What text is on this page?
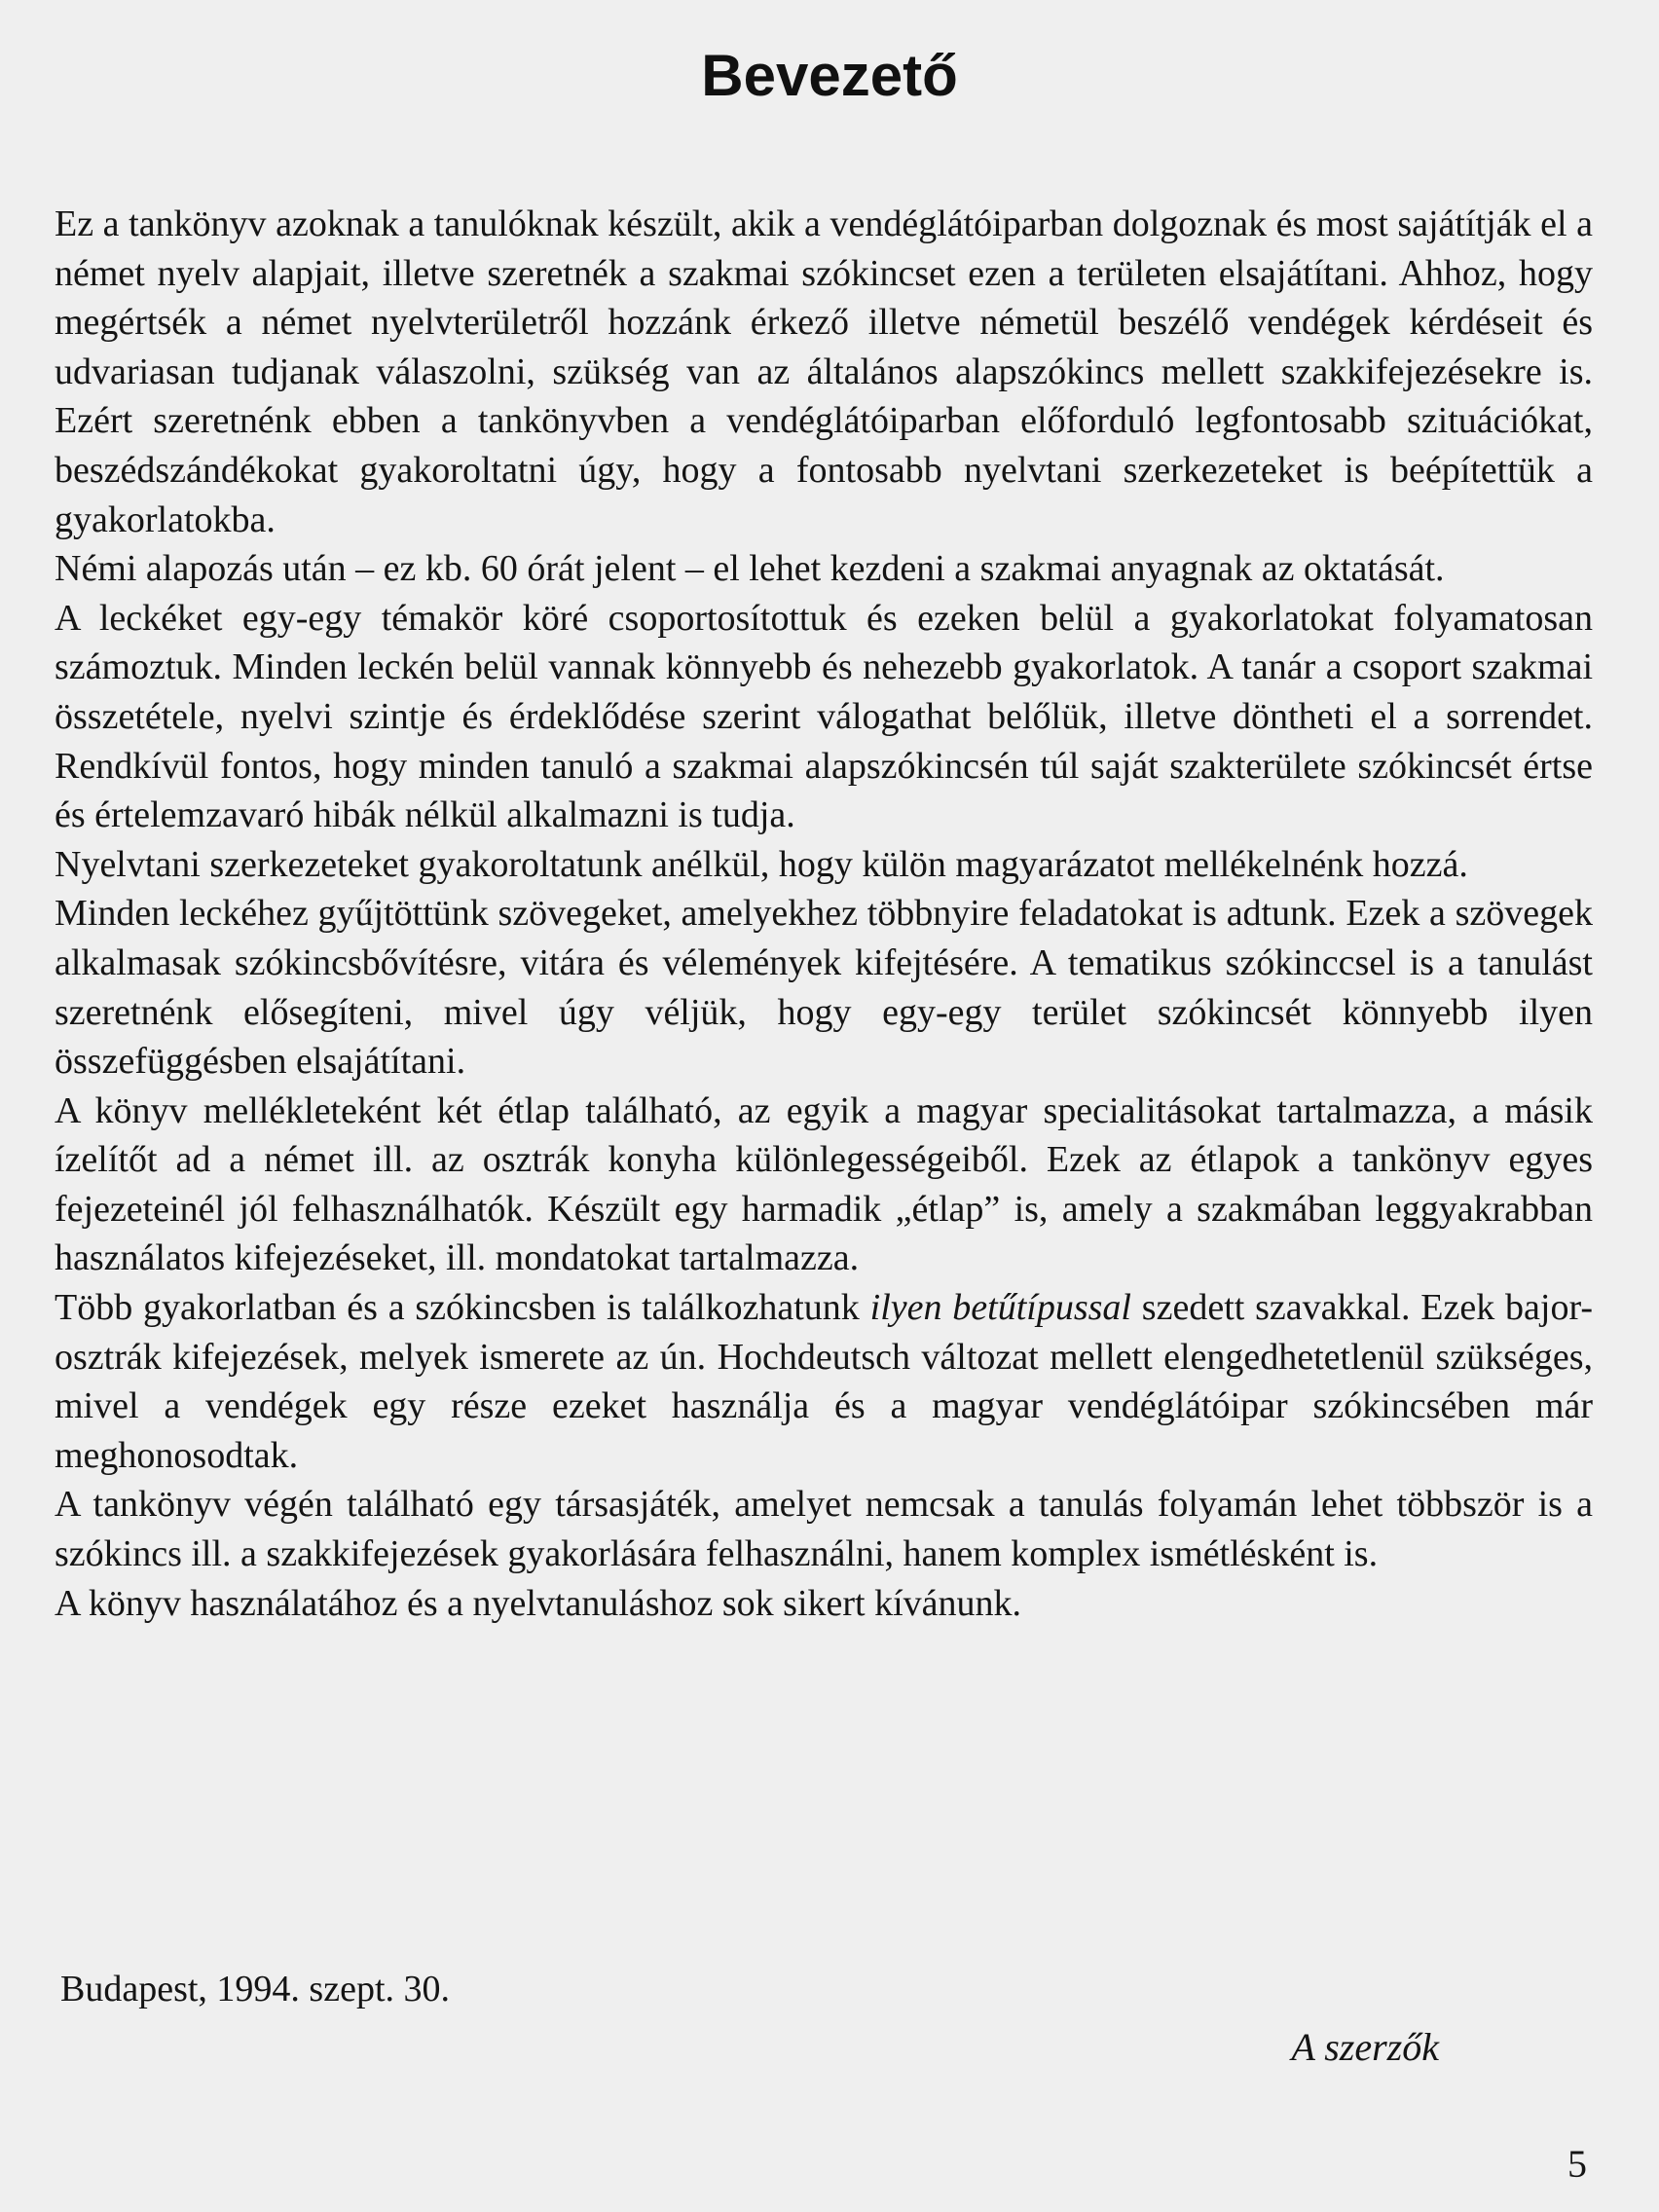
Bevezető

Ez a tankönyv azoknak a tanulóknak készült, akik a vendéglátóiparban dolgoznak és most sajátítják el a német nyelv alapjait, illetve szeretnék a szakmai szókincset ezen a területen elsajátítani. Ahhoz, hogy megértsék a német nyelvterületről hozzánk érkező illetve németül beszélő vendégek kérdéseit és udvariasan tudjanak válaszolni, szükség van az általános alapszókincs mellett szakkifejezésekre is. Ezért szeretnénk ebben a tankönyvben a vendéglátóiparban előforduló legfontosabb szituációkat, beszédszándékokat gyakoroltatni úgy, hogy a fontosabb nyelvtani szerkezeteket is beépítettük a gyakorlatokba.

Némi alapozás után – ez kb. 60 órát jelent – el lehet kezdeni a szakmai anyagnak az oktatását.

A leckéket egy-egy témakör köré csoportosítottuk és ezeken belül a gyakorlatokat folyamatosan számoztuk. Minden leckén belül vannak könnyebb és nehezebb gyakorlatok. A tanár a csoport szakmai összetétele, nyelvi szintje és érdeklődése szerint válogathat belőlük, illetve döntheti el a sorrendet. Rendkívül fontos, hogy minden tanuló a szakmai alapszókincsén túl saját szakterülete szókincsét értse és értelemzavaró hibák nélkül alkalmazni is tudja.

Nyelvtani szerkezeteket gyakoroltatunk anélkül, hogy külön magyarázatot mellékelnénk hozzá.

Minden leckéhez gyűjtöttünk szövegeket, amelyekhez többnyire feladatokat is adtunk. Ezek a szövegek alkalmasak szókincsbővítésre, vitára és vélemények kifejtésére. A tematikus szókinccsel is a tanulást szeretnénk elősegíteni, mivel úgy véljük, hogy egy-egy terület szókincsét könnyebb ilyen összefüggésben elsajátítani.

A könyv mellékleteként két étlap található, az egyik a magyar specialitásokat tartalmazza, a másik ízelítőt ad a német ill. az osztrák konyha különlegességeiből. Ezek az étlapok a tankönyv egyes fejezeteinél jól felhasználhatók. Készült egy harmadik „étlap” is, amely a szakmában leggyakrabban használatos kifejezéseket, ill. mondatokat tartalmazza.

Több gyakorlatban és a szókincsben is találkozhatunk ilyen betűtípussal szedett szavakkal. Ezek bajor-osztrák kifejezések, melyek ismerete az ún. Hochdeutsch változat mellett elengedhetetlenül szükséges, mivel a vendégek egy része ezeket használja és a magyar vendéglátóipar szókincsében már meghonosodtak.

A tankönyv végén található egy társasjáték, amelyet nemcsak a tanulás folyamán lehet többször is a szókincs ill. a szakkifejezések gyakorlására felhasználni, hanem komplex ismétlésként is.

A könyv használatához és a nyelvtanuláshoz sok sikert kívánunk.

Budapest, 1994. szept. 30.
A szerzők
5
